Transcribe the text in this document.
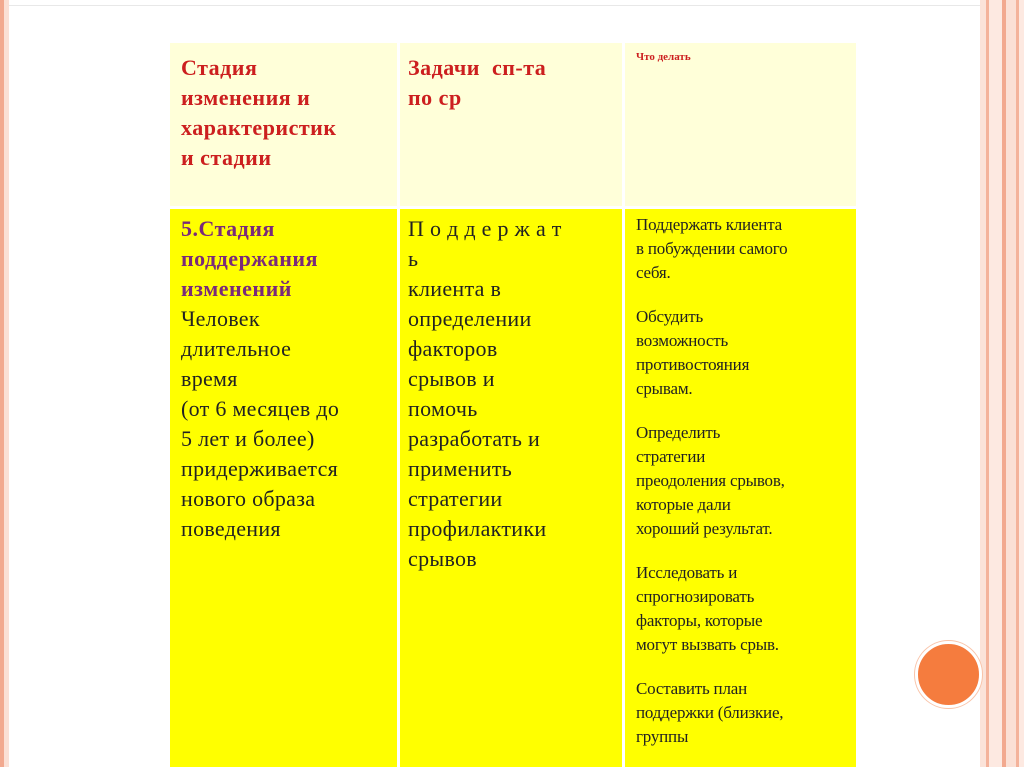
Стадия
изменения и
характеристик
и стадии
Задачи  сп-та
по ср
Что делать
5.Стадия
поддержания
изменений
Человек
длительное
время
(от 6 месяцев до
5 лет и более)
придерживается
нового образа
поведения
П о д д е р ж а т
ь
клиента в
определении
факторов
срывов и
помочь
разработать и
применить
стратегии
профилактики
срывов
Поддержать клиента
в побуждении самого
себя.
Обсудить
возможность
противостояния
срывам.
Определить
стратегии
преодоления срывов,
которые дали
хороший результат.
Исследовать и
спрогнозировать
факторы, которые
могут вызвать срыв.
Составить план
поддержки (близкие,
группы
